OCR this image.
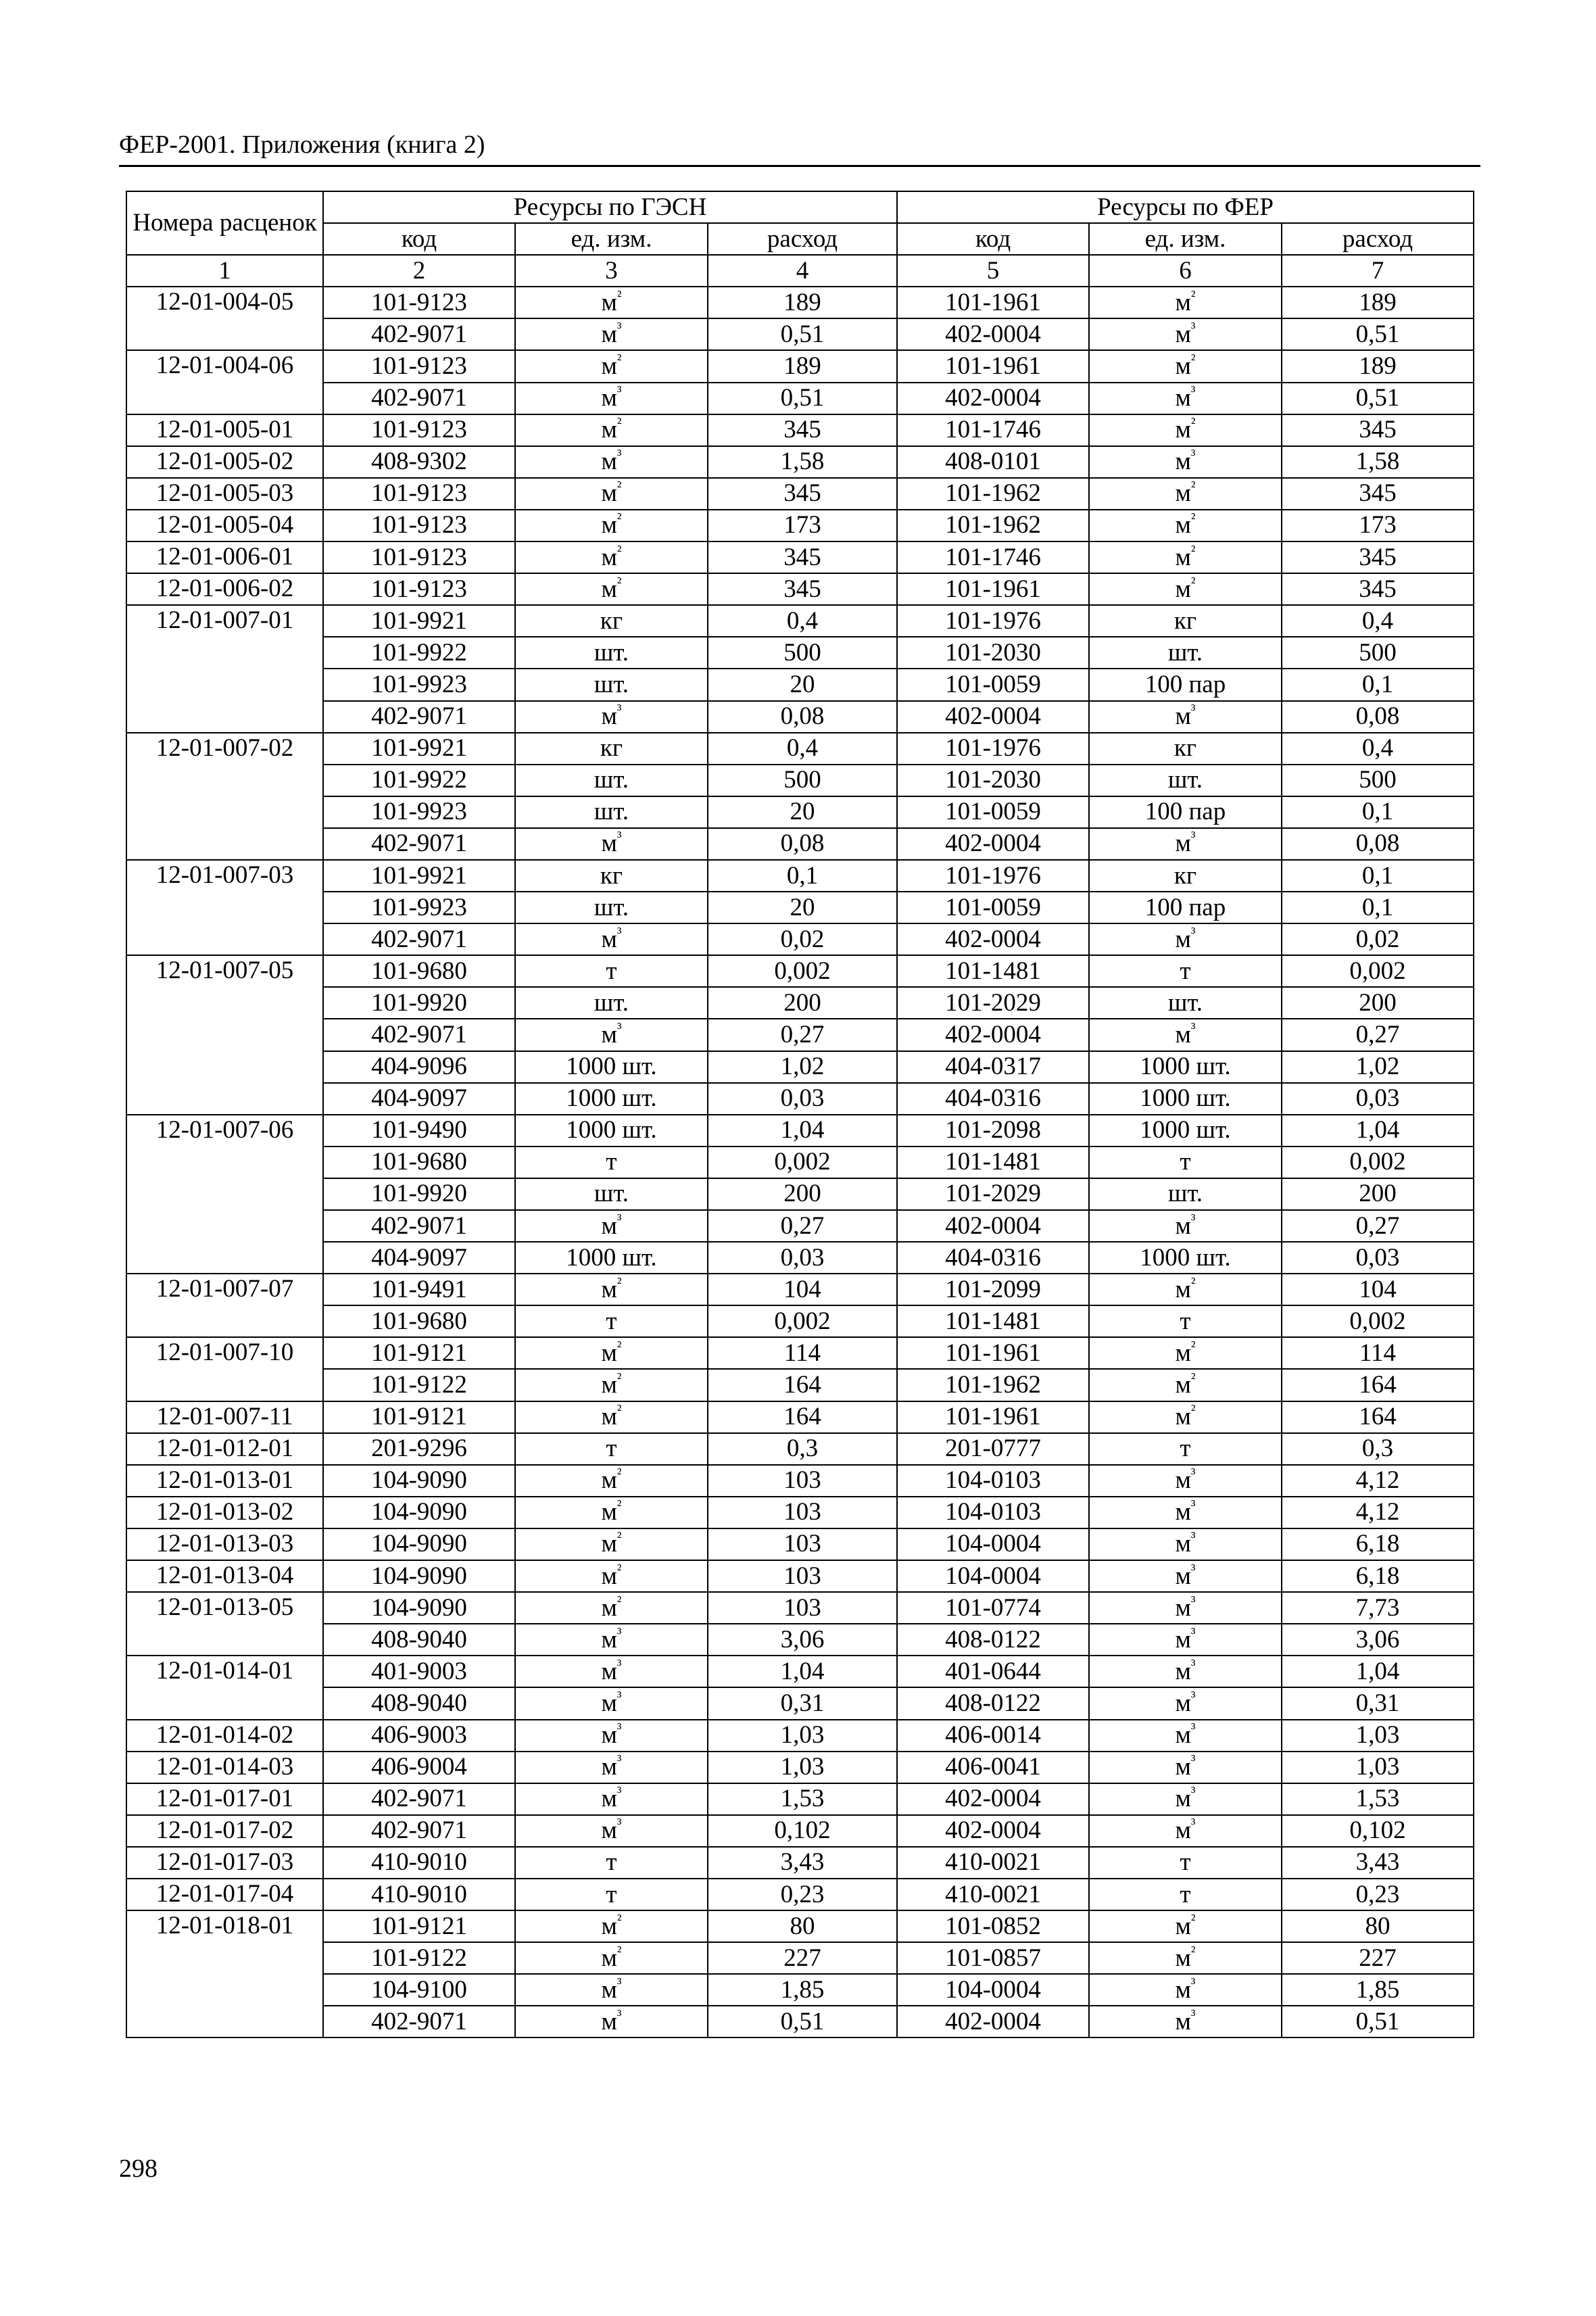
ФЕР-2001. Приложения (книга 2)
Номера расценок	Ресурсы по ГЭСН			Ресурсы по ФЕР		
	код	ед. изм.	расход	код	ед. изм.	расход
1	2	3	4	5	6	7
12-01-004-05	101-9123	$м^{^2}$	189	101-1961	$м^{^2}$	189
	402-9071	$м^{^3}$	0,51	402-0004	$м^{^3}$	0,51
12-01-004-06	101-9123	$м^{^2}$	189	101-1961	$м^{^2}$	189
	402-9071	$м^{^3}$	0,51	402-0004	$м^{^3}$	0,51
12-01-005-01	101-9123	$м^{^2}$	345	101-1746	$м^{^2}$	345
12-01-005-02	408-9302	$м^{^3}$	1,58	408-0101	$м^{^3}$	1,58
12-01-005-03	101-9123	$м^{^2}$	345	101-1962	$м^{^2}$	345
12-01-005-04	101-9123	$м^{^2}$	173	101-1962	$м^{^2}$	173
12-01-006-01	101-9123	$м^{^2}$	345	101-1746	$м^{^2}$	345
12-01-006-02	101-9123	$м^{^2}$	345	101-1961	$м^{^2}$	345
12-01-007-01	101-9921	кг	0,4	101-1976	кг	0,4
	101-9922	шт.	500	101-2030	шт.	500
	101-9923	шт.	20	101-0059	100 пар	0,1
	402-9071	$м^{^3}$	0,08	402-0004	$м^{^3}$	0,08
12-01-007-02	101-9921	кг	0,4	101-1976	кг	0,4
	101-9922	шт.	500	101-2030	шт.	500
	101-9923	шт.	20	101-0059	100 пар	0,1
	402-9071	$м^{^3}$	0,08	402-0004	$м^{^3}$	0,08
12-01-007-03	101-9921	кг	0,1	101-1976	кг	0,1
	101-9923	шт.	20	101-0059	100 пар	0,1
	402-9071	$м^{^3}$	0,02	402-0004	$м^{^3}$	0,02
12-01-007-05	101-9680	т	0,002	101-1481	т	0,002
	101-9920	шт.	200	101-2029	шт.	200
	402-9071	$м^{^3}$	0,27	402-0004	$м^{^3}$	0,27
	404-9096	1000 шт.	1,02	404-0317	1000 шт.	1,02
	404-9097	1000 шт.	0,03	404-0316	1000 шт.	0,03
12-01-007-06	101-9490	1000 шт.	1,04	101-2098	1000 шт.	1,04
	101-9680	т	0,002	101-1481	т	0,002
	101-9920	шт.	200	101-2029	шт.	200
	402-9071	$м^{^3}$	0,27	402-0004	$м^{^3}$	0,27
	404-9097	1000 шт.	0,03	404-0316	1000 шт.	0,03
12-01-007-07	101-9491	$м^{^2}$	104	101-2099	$м^{^2}$	104
	101-9680	т	0,002	101-1481	т	0,002
12-01-007-10	101-9121	$м^{^2}$	114	101-1961	$м^{^2}$	114
	101-9122	$м^{^2}$	164	101-1962	$м^{^2}$	164
12-01-007-11	101-9121	$м^{^2}$	164	101-1961	$м^{^2}$	164
12-01-012-01	201-9296	т	0,3	201-0777	т	0,3
12-01-013-01	104-9090	$м^{^2}$	103	104-0103	$м^{^3}$	4,12
12-01-013-02	104-9090	$м^{^2}$	103	104-0103	$м^{^3}$	4,12
12-01-013-03	104-9090	$м^{^2}$	103	104-0004	$м^{^3}$	6,18
12-01-013-04	104-9090	$м^{^2}$	103	104-0004	$м^{^3}$	6,18
12-01-013-05	104-9090	$м^{^2}$	103	101-0774	$м^{^3}$	7,73
	408-9040	$м^{^3}$	3,06	408-0122	$м^{^3}$	3,06
12-01-014-01	401-9003	$м^{^3}$	1,04	401-0644	$м^{^3}$	1,04
	408-9040	$м^{^3}$	0,31	408-0122	$м^{^3}$	0,31
12-01-014-02	406-9003	$м^{^3}$	1,03	406-0014	$м^{^3}$	1,03
12-01-014-03	406-9004	$м^{^3}$	1,03	406-0041	$м^{^3}$	1,03
12-01-017-01	402-9071	$м^{^3}$	1,53	402-0004	$м^{^3}$	1,53
12-01-017-02	402-9071	$м^{^3}$	0,102	402-0004	$м^{^3}$	0,102
12-01-017-03	410-9010	т	3,43	410-0021	т	3,43
12-01-017-04	410-9010	т	0,23	410-0021	т	0,23
12-01-018-01	101-9121	$м^{^2}$	80	101-0852	$м^{^2}$	80
	101-9122	$м^{^2}$	227	101-0857	$м^{^2}$	227
	104-9100	$м^{^3}$	1,85	104-0004	$м^{^3}$	1,85
	402-9071	$м^{^3}$	0,51	402-0004	$м^{^3}$	0,51
298
